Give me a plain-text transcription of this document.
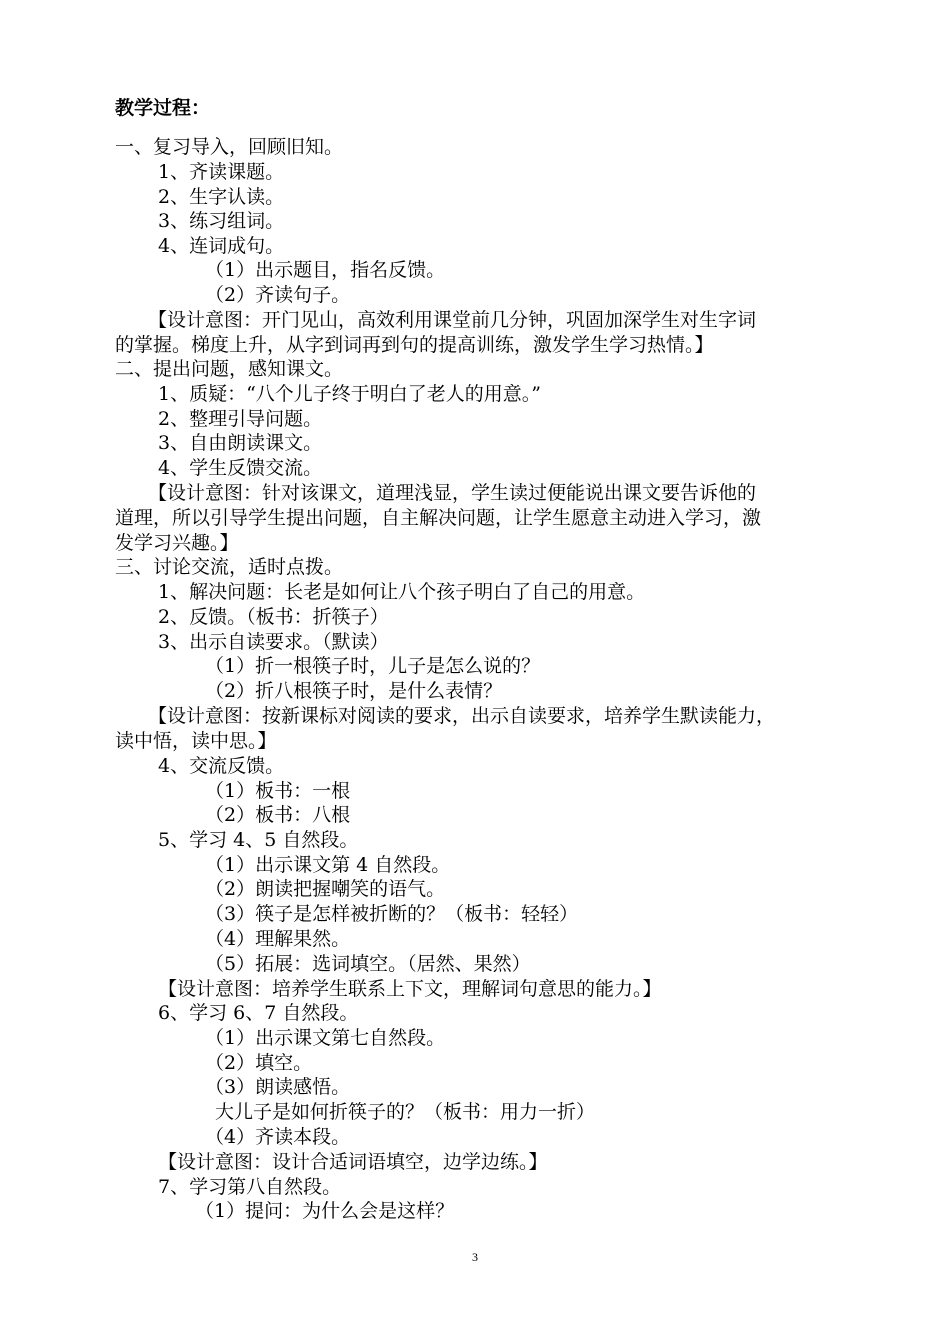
教学过程：
一、复习导入，回顾旧知。
1、齐读课题。
2、生字认读。
3、练习组词。
4、连词成句。
（1）出示题目，指名反馈。
（2）齐读句子。
【设计意图：开门见山，高效利用课堂前几分钟，巩固加深学生对生字词
的掌握。梯度上升，从字到词再到句的提高训练，激发学生学习热情。】
二、提出问题，感知课文。
1、质疑：“八个儿子终于明白了老人的用意。”
2、整理引导问题。
3、自由朗读课文。
4、学生反馈交流。
【设计意图：针对该课文，道理浅显，学生读过便能说出课文要告诉他的
道理，所以引导学生提出问题，自主解决问题，让学生愿意主动进入学习，激
发学习兴趣。】
三、讨论交流，适时点拨。
1、解决问题：长老是如何让八个孩子明白了自己的用意。
2、反馈。（板书：折筷子）
3、出示自读要求。（默读）
（1）折一根筷子时，儿子是怎么说的？
（2）折八根筷子时，是什么表情？
【设计意图：按新课标对阅读的要求，出示自读要求，培养学生默读能力，
读中悟，读中思。】
4、交流反馈。
（1）板书：一根
（2）板书：八根
5、学习 4、5 自然段。
（1）出示课文第 4 自然段。
（2）朗读把握嘲笑的语气。
（3）筷子是怎样被折断的？（板书：轻轻）
（4）理解果然。
（5）拓展：选词填空。（居然、果然）
【设计意图：培养学生联系上下文，理解词句意思的能力。】
6、学习 6、7 自然段。
（1）出示课文第七自然段。
（2）填空。
（3）朗读感悟。
大儿子是如何折筷子的？（板书：用力一折）
（4）齐读本段。
【设计意图：设计合适词语填空，边学边练。】
7、学习第八自然段。
（1）提问：为什么会是这样？
3
